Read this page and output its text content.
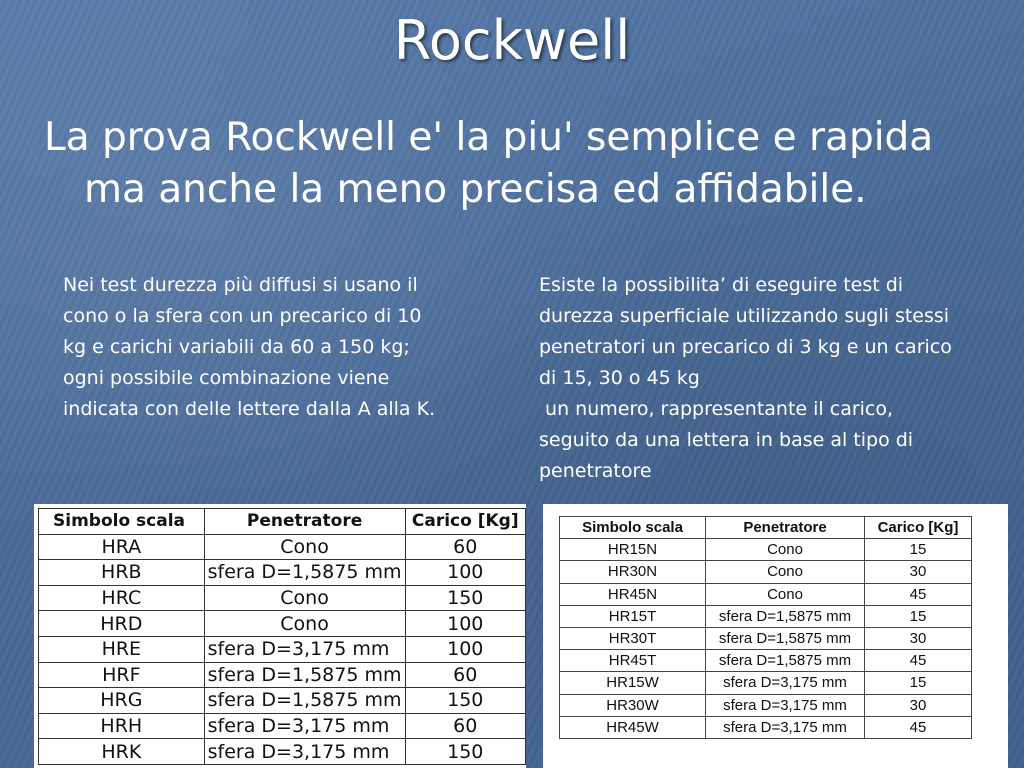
Rockwell
La prova Rockwell e' la piu' semplice e rapida
ma anche la meno precisa ed affidabile.
Nei test durezza più diffusi si usano il cono o la sfera con un precarico di 10 kg e carichi variabili da 60 a 150 kg; ogni possibile combinazione viene indicata con delle lettere dalla A alla K.
Esiste la possibilita’ di eseguire test di
durezza superficiale utilizzando sugli stessi
penetratori un precarico di 3 kg e un carico
di 15, 30 o 45 kg
un numero, rappresentante il carico,
seguito da una lettera in base al tipo di
penetratore
Simbolo scala	Penetratore	Carico [Kg]
HRA	Cono	60
HRB	sfera D=1,5875 mm	100
HRC	Cono	150
HRD	Cono	100
HRE	sfera D=3,175 mm	100
HRF	sfera D=1,5875 mm	60
HRG	sfera D=1,5875 mm	150
HRH	sfera D=3,175 mm	60
HRK	sfera D=3,175 mm	150
Simbolo scala	Penetratore	Carico [Kg]
HR15N	Cono	15
HR30N	Cono	30
HR45N	Cono	45
HR15T	sfera D=1,5875 mm	15
HR30T	sfera D=1,5875 mm	30
HR45T	sfera D=1,5875 mm	45
HR15W	sfera D=3,175 mm	15
HR30W	sfera D=3,175 mm	30
HR45W	sfera D=3,175 mm	45
